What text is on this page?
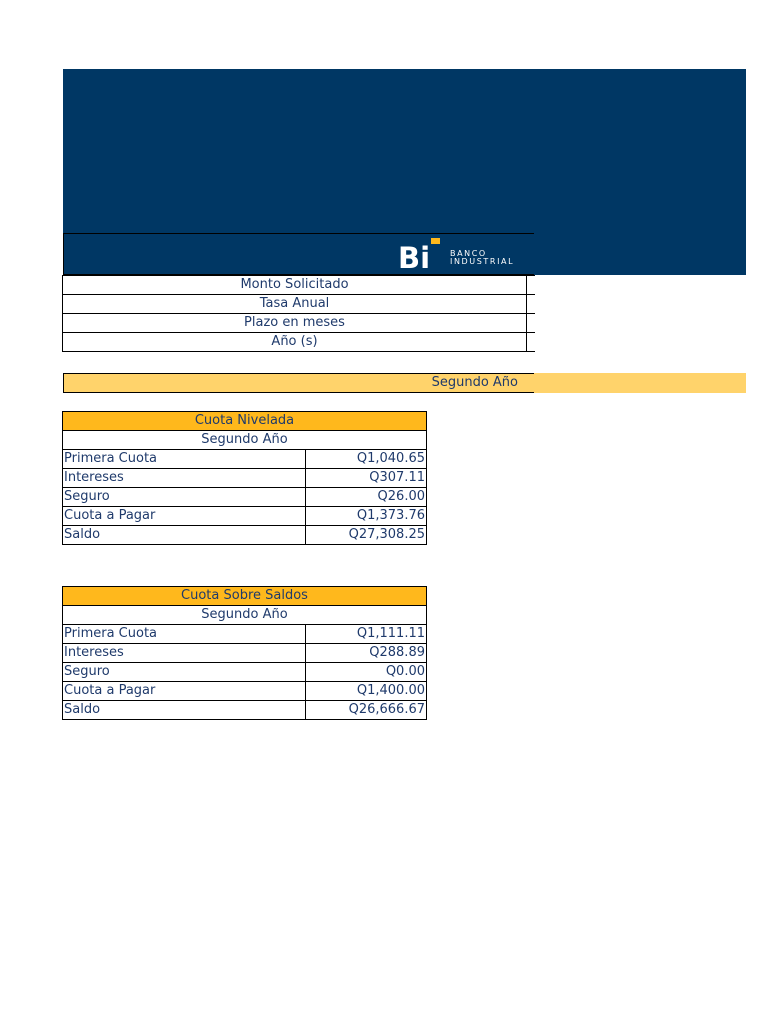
Bi BANCO
INDUSTRIAL
Monto Solicitado	
Tasa Anual	
Plazo en meses	
Año (s)	
Segundo Año
Cuota Nivelada	
Segundo Año	
Primera Cuota	Q1,040.65
Intereses	Q307.11
Seguro	Q26.00
Cuota a Pagar	Q1,373.76
Saldo	Q27,308.25
Cuota Sobre Saldos	
Segundo Año	
Primera Cuota	Q1,111.11
Intereses	Q288.89
Seguro	Q0.00
Cuota a Pagar	Q1,400.00
Saldo	Q26,666.67
